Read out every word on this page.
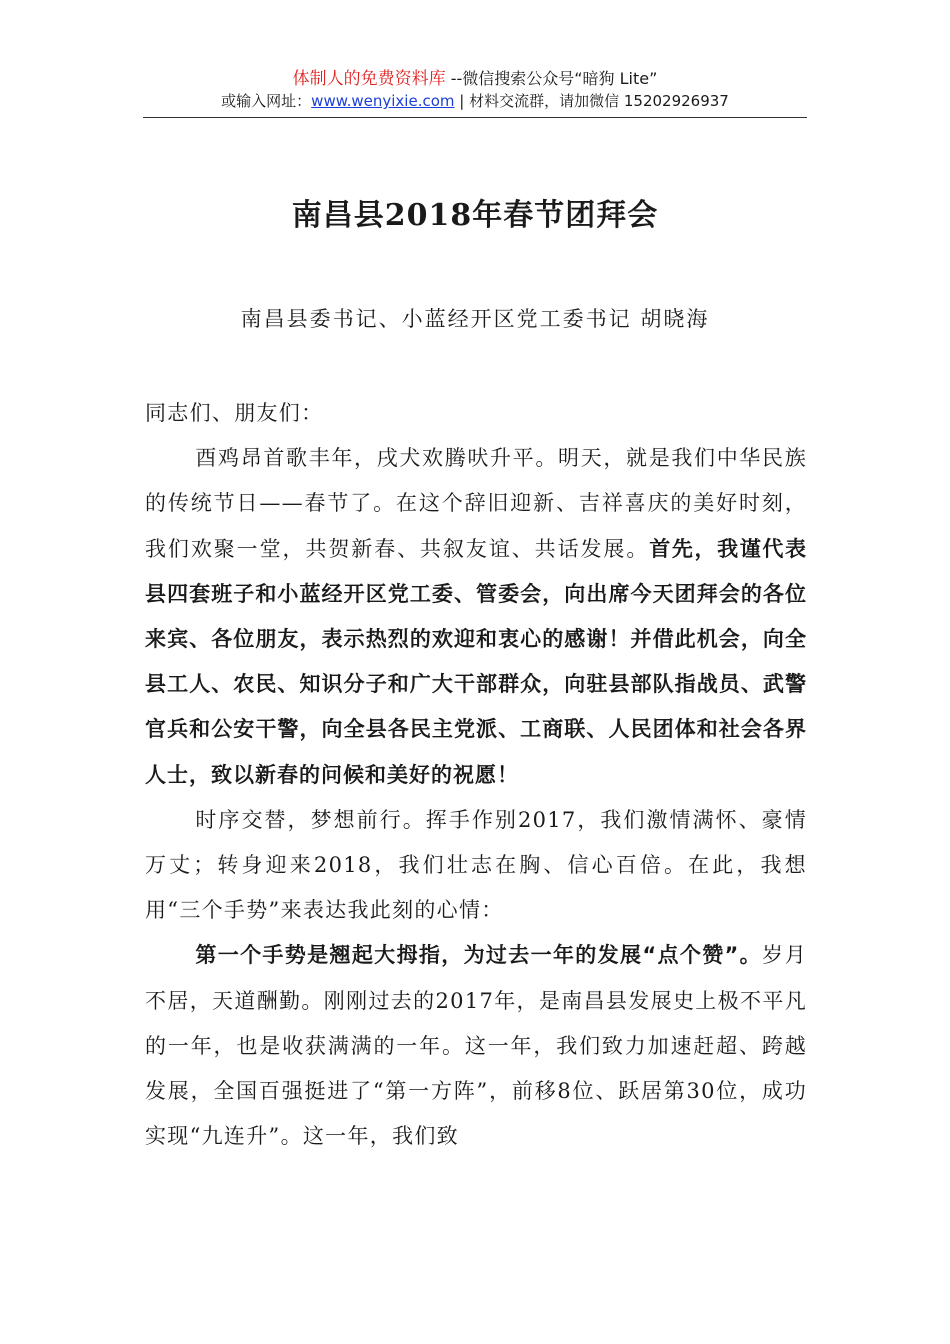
体制人的免费资料库 --微信搜索公众号“暗狗 Lite”
或输入网址：www.wenyixie.com | 材料交流群，请加微信 15202926937
南昌县2018年春节团拜会
南昌县委书记、小蓝经开区党工委书记 胡晓海

同志们、朋友们：

酉鸡昂首歌丰年，戌犬欢腾吠升平。明天，就是我们中华民族的传统节日——春节了。在这个辞旧迎新、吉祥喜庆的美好时刻，我们欢聚一堂，共贺新春、共叙友谊、共话发展。首先，我谨代表县四套班子和小蓝经开区党工委、管委会，向出席今天团拜会的各位来宾、各位朋友，表示热烈的欢迎和衷心的感谢！并借此机会，向全县工人、农民、知识分子和广大干部群众，向驻县部队指战员、武警官兵和公安干警，向全县各民主党派、工商联、人民团体和社会各界人士，致以新春的问候和美好的祝愿！

时序交替，梦想前行。挥手作别2017，我们激情满怀、豪情万丈；转身迎来2018，我们壮志在胸、信心百倍。在此，我想用“三个手势”来表达我此刻的心情：

第一个手势是翘起大拇指，为过去一年的发展“点个赞”。岁月不居，天道酬勤。刚刚过去的2017年，是南昌县发展史上极不平凡的一年，也是收获满满的一年。这一年，我们致力加速赶超、跨越发展，全国百强挺进了“第一方阵”，前移8位、跃居第30位，成功实现“九连升”。这一年，我们致
